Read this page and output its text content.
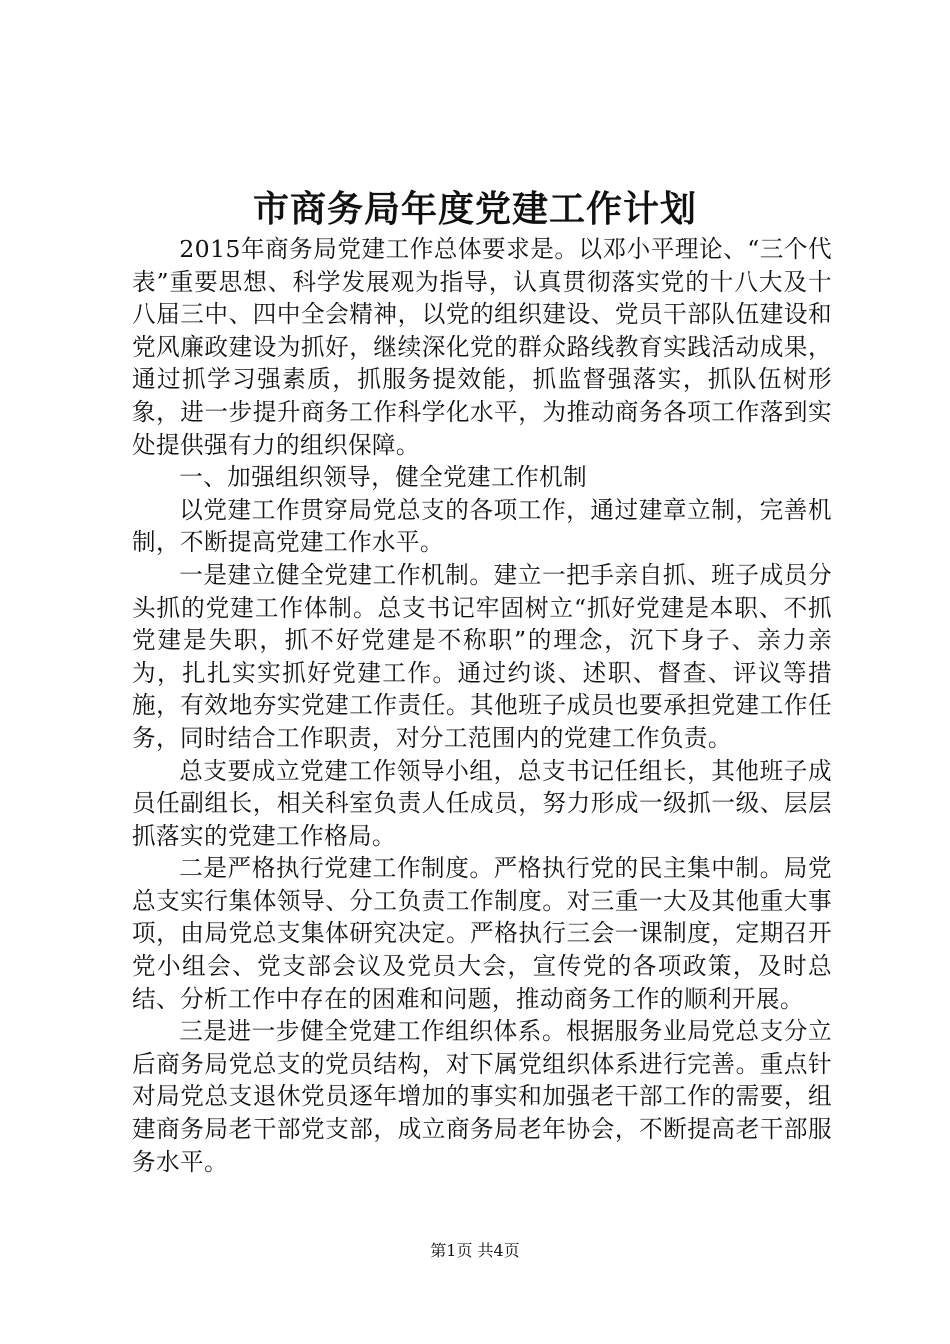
市商务局年度党建工作计划

2015年商务局党建工作总体要求是。以邓小平理论、“三个代表”重要思想、科学发展观为指导，认真贯彻落实党的十八大及十八届三中、四中全会精神，以党的组织建设、党员干部队伍建设和党风廉政建设为抓好，继续深化党的群众路线教育实践活动成果，通过抓学习强素质，抓服务提效能，抓监督强落实，抓队伍树形象，进一步提升商务工作科学化水平，为推动商务各项工作落到实处提供强有力的组织保障。

一、加强组织领导，健全党建工作机制

以党建工作贯穿局党总支的各项工作，通过建章立制，完善机制，不断提高党建工作水平。

一是建立健全党建工作机制。建立一把手亲自抓、班子成员分头抓的党建工作体制。总支书记牢固树立“抓好党建是本职、不抓党建是失职，抓不好党建是不称职”的理念，沉下身子、亲力亲为，扎扎实实抓好党建工作。通过约谈、述职、督查、评议等措施，有效地夯实党建工作责任。其他班子成员也要承担党建工作任务，同时结合工作职责，对分工范围内的党建工作负责。

总支要成立党建工作领导小组，总支书记任组长，其他班子成员任副组长，相关科室负责人任成员，努力形成一级抓一级、层层抓落实的党建工作格局。

二是严格执行党建工作制度。严格执行党的民主集中制。局党总支实行集体领导、分工负责工作制度。对三重一大及其他重大事项，由局党总支集体研究决定。严格执行三会一课制度，定期召开党小组会、党支部会议及党员大会，宣传党的各项政策，及时总结、分析工作中存在的困难和问题，推动商务工作的顺利开展。

三是进一步健全党建工作组织体系。根据服务业局党总支分立后商务局党总支的党员结构，对下属党组织体系进行完善。重点针对局党总支退休党员逐年增加的事实和加强老干部工作的需要，组建商务局老干部党支部，成立商务局老年协会，不断提高老干部服务水平。

第1页 共4页
